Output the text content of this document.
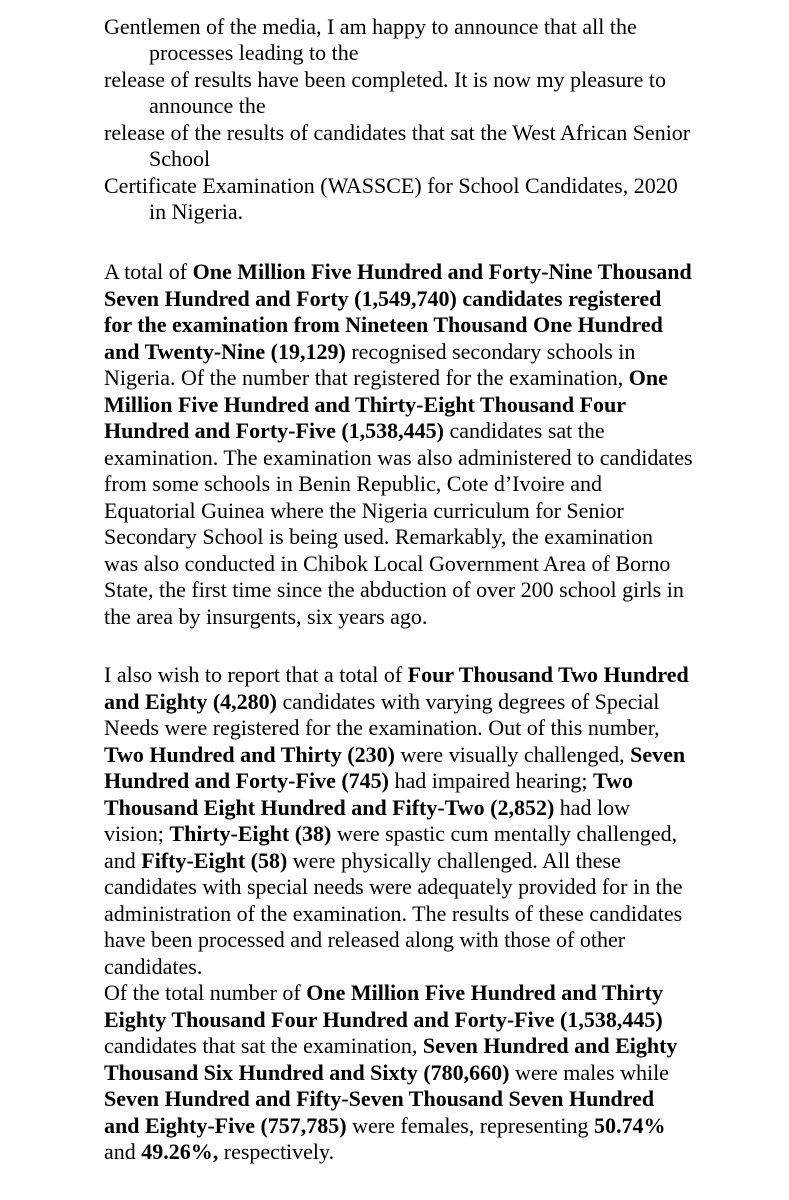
Gentlemen of the media, I am happy to announce that all the
processes leading to the
release of results have been completed. It is now my pleasure to
announce the
release of the results of candidates that sat the West African Senior
School
Certificate Examination (WASSCE) for School Candidates, 2020
in Nigeria.
A total of One Million Five Hundred and Forty-Nine Thousand
Seven Hundred and Forty (1,549,740) candidates registered
for the examination from Nineteen Thousand One Hundred
and Twenty-Nine (19,129) recognised secondary schools in
Nigeria. Of the number that registered for the examination, One
Million Five Hundred and Thirty-Eight Thousand Four
Hundred and Forty-Five (1,538,445) candidates sat the
examination. The examination was also administered to candidates
from some schools in Benin Republic, Cote d’Ivoire and
Equatorial Guinea where the Nigeria curriculum for Senior
Secondary School is being used. Remarkably, the examination
was also conducted in Chibok Local Government Area of Borno
State, the first time since the abduction of over 200 school girls in
the area by insurgents, six years ago.
I also wish to report that a total of Four Thousand Two Hundred
and Eighty (4,280) candidates with varying degrees of Special
Needs were registered for the examination. Out of this number,
Two Hundred and Thirty (230) were visually challenged, Seven
Hundred and Forty-Five (745) had impaired hearing; Two
Thousand Eight Hundred and Fifty-Two (2,852) had low
vision; Thirty-Eight (38) were spastic cum mentally challenged,
and Fifty-Eight (58) were physically challenged. All these
candidates with special needs were adequately provided for in the
administration of the examination. The results of these candidates
have been processed and released along with those of other
candidates.
Of the total number of One Million Five Hundred and Thirty
Eighty Thousand Four Hundred and Forty-Five (1,538,445)
candidates that sat the examination, Seven Hundred and Eighty
Thousand Six Hundred and Sixty (780,660) were males while
Seven Hundred and Fifty-Seven Thousand Seven Hundred
and Eighty-Five (757,785) were females, representing 50.74%
and 49.26%, respectively.
